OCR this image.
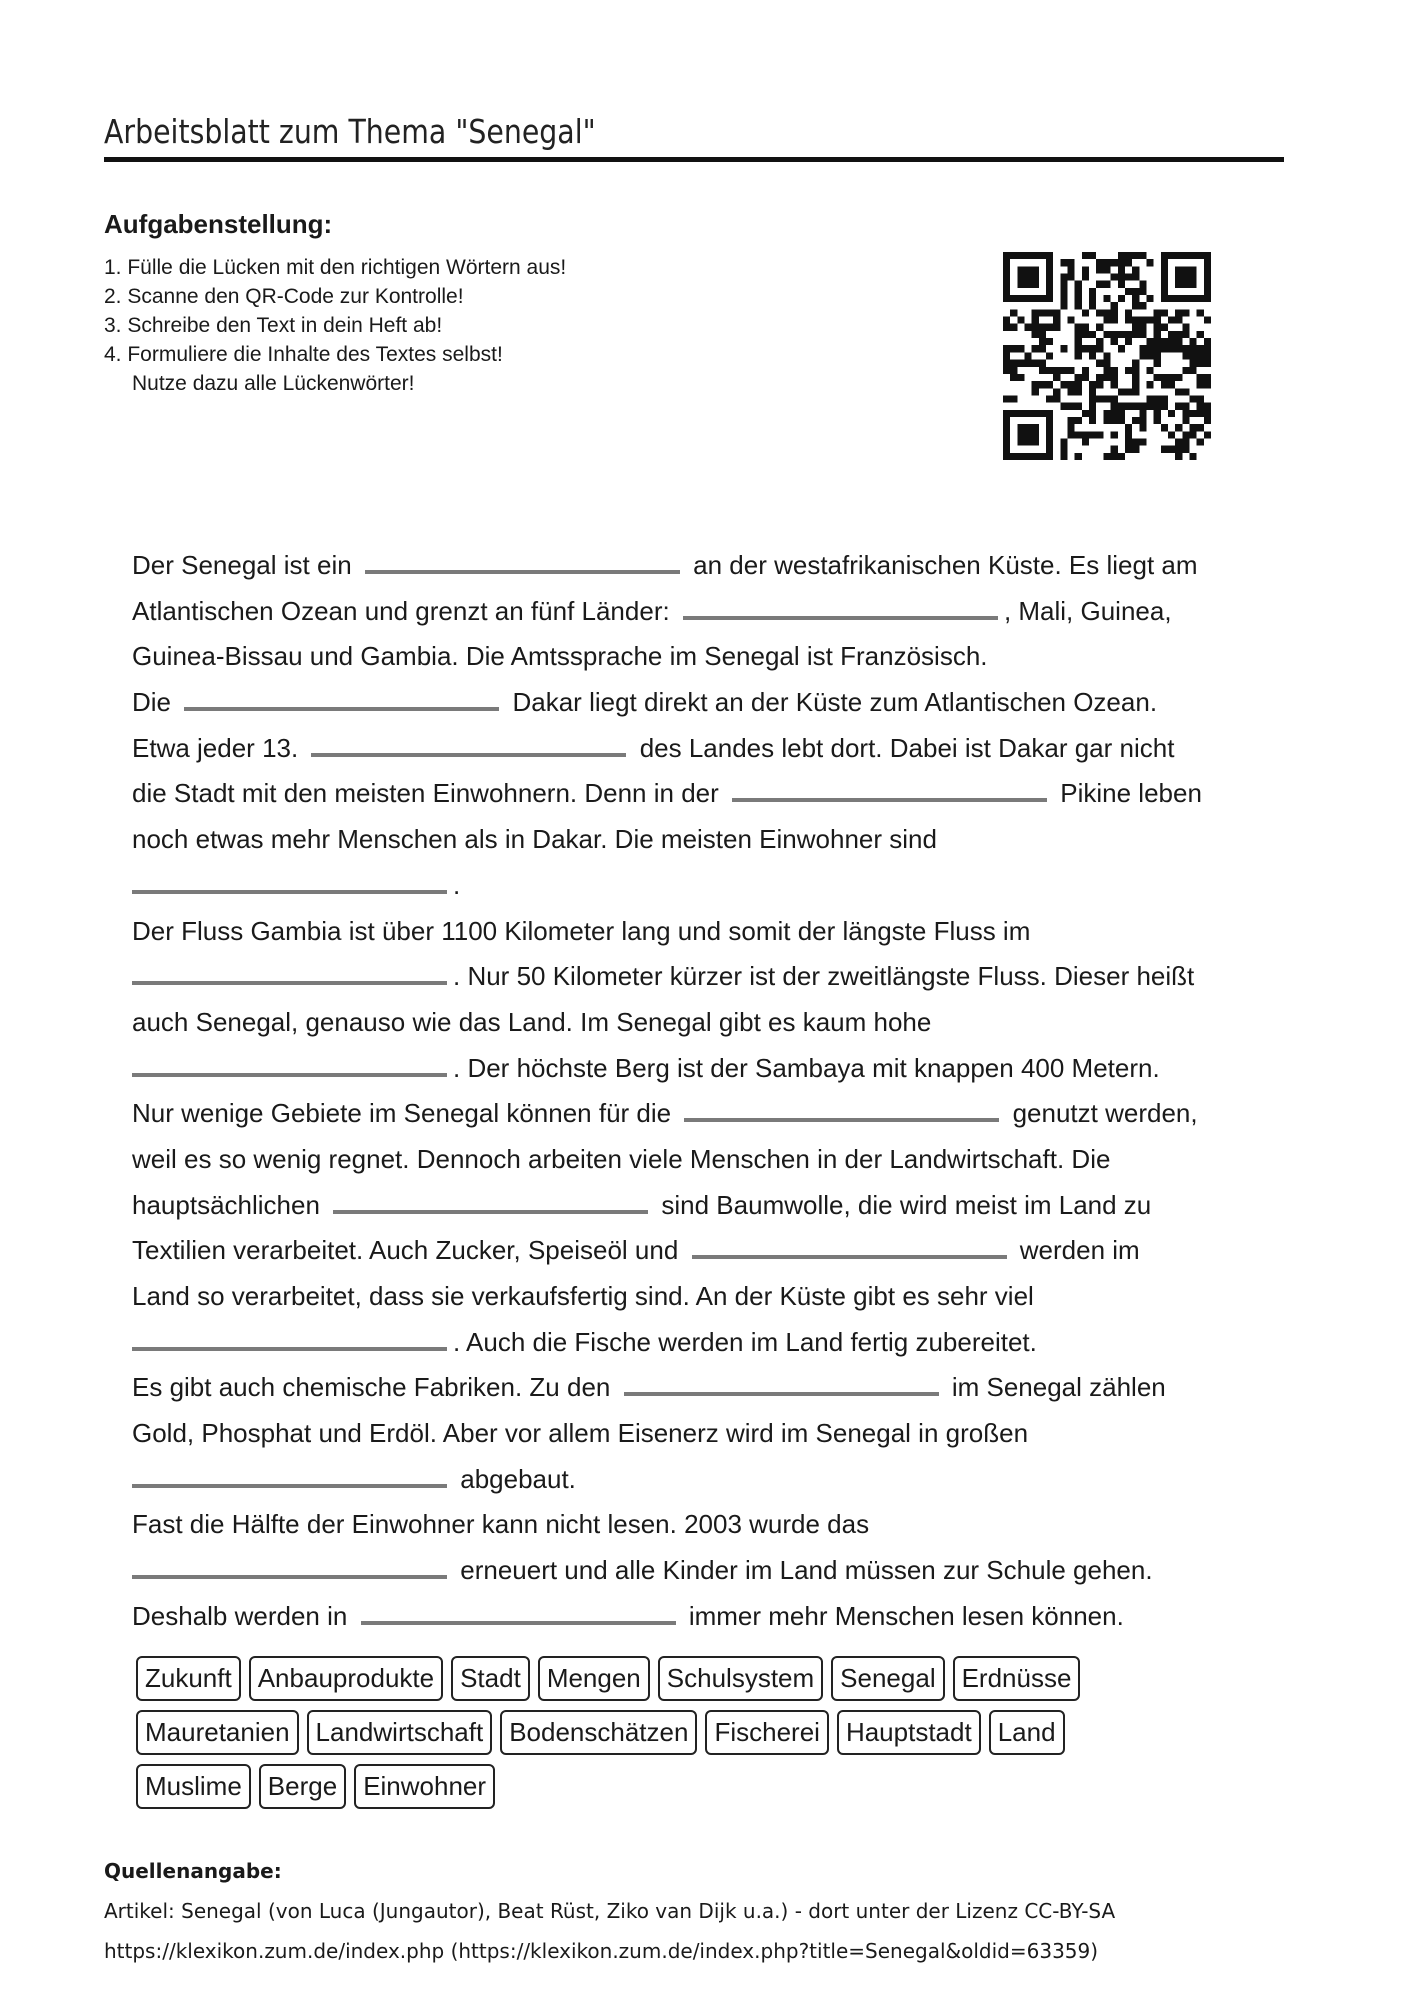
Arbeitsblatt zum Thema "Senegal"
Aufgabenstellung:
1. Fülle die Lücken mit den richtigen Wörtern aus!
2. Scanne den QR-Code zur Kontrolle!
3. Schreibe den Text in dein Heft ab!
4. Formuliere die Inhalte des Textes selbst!
Nutze dazu alle Lückenwörter!
Der Senegal ist ein	an der westafrikanischen Küste. Es liegt am
Atlantischen Ozean und grenzt an fünf Länder:	, Mali, Guinea,
Guinea-Bissau und Gambia. Die Amtssprache im Senegal ist Französisch.
Die	Dakar liegt direkt an der Küste zum Atlantischen Ozean.
Etwa jeder 13.	des Landes lebt dort. Dabei ist Dakar gar nicht
die Stadt mit den meisten Einwohnern. Denn in der	Pikine leben
noch etwas mehr Menschen als in Dakar. Die meisten Einwohner sind
.
Der Fluss Gambia ist über 1100 Kilometer lang und somit der längste Fluss im
. Nur 50 Kilometer kürzer ist der zweitlängste Fluss. Dieser heißt
auch Senegal, genauso wie das Land. Im Senegal gibt es kaum hohe
. Der höchste Berg ist der Sambaya mit knappen 400 Metern.
Nur wenige Gebiete im Senegal können für die	genutzt werden,
weil es so wenig regnet. Dennoch arbeiten viele Menschen in der Landwirtschaft. Die
hauptsächlichen	sind Baumwolle, die wird meist im Land zu
Textilien verarbeitet. Auch Zucker, Speiseöl und	werden im
Land so verarbeitet, dass sie verkaufsfertig sind. An der Küste gibt es sehr viel
. Auch die Fische werden im Land fertig zubereitet.
Es gibt auch chemische Fabriken. Zu den	im Senegal zählen
Gold, Phosphat und Erdöl. Aber vor allem Eisenerz wird im Senegal in großen
abgebaut.
Fast die Hälfte der Einwohner kann nicht lesen. 2003 wurde das
erneuert und alle Kinder im Land müssen zur Schule gehen.
Deshalb werden in	immer mehr Menschen lesen können.
Zukunft	Anbauprodukte	Stadt	Mengen	Schulsystem	Senegal	Erdnüsse
Mauretanien	Landwirtschaft	Bodenschätzen	Fischerei	Hauptstadt	Land
Muslime	Berge	Einwohner
Quellenangabe:
Artikel: Senegal (von Luca (Jungautor), Beat Rüst, Ziko van Dijk u.a.) - dort unter der Lizenz CC-BY-SA
https://klexikon.zum.de/index.php (https://klexikon.zum.de/index.php?title=Senegal&oldid=63359)
